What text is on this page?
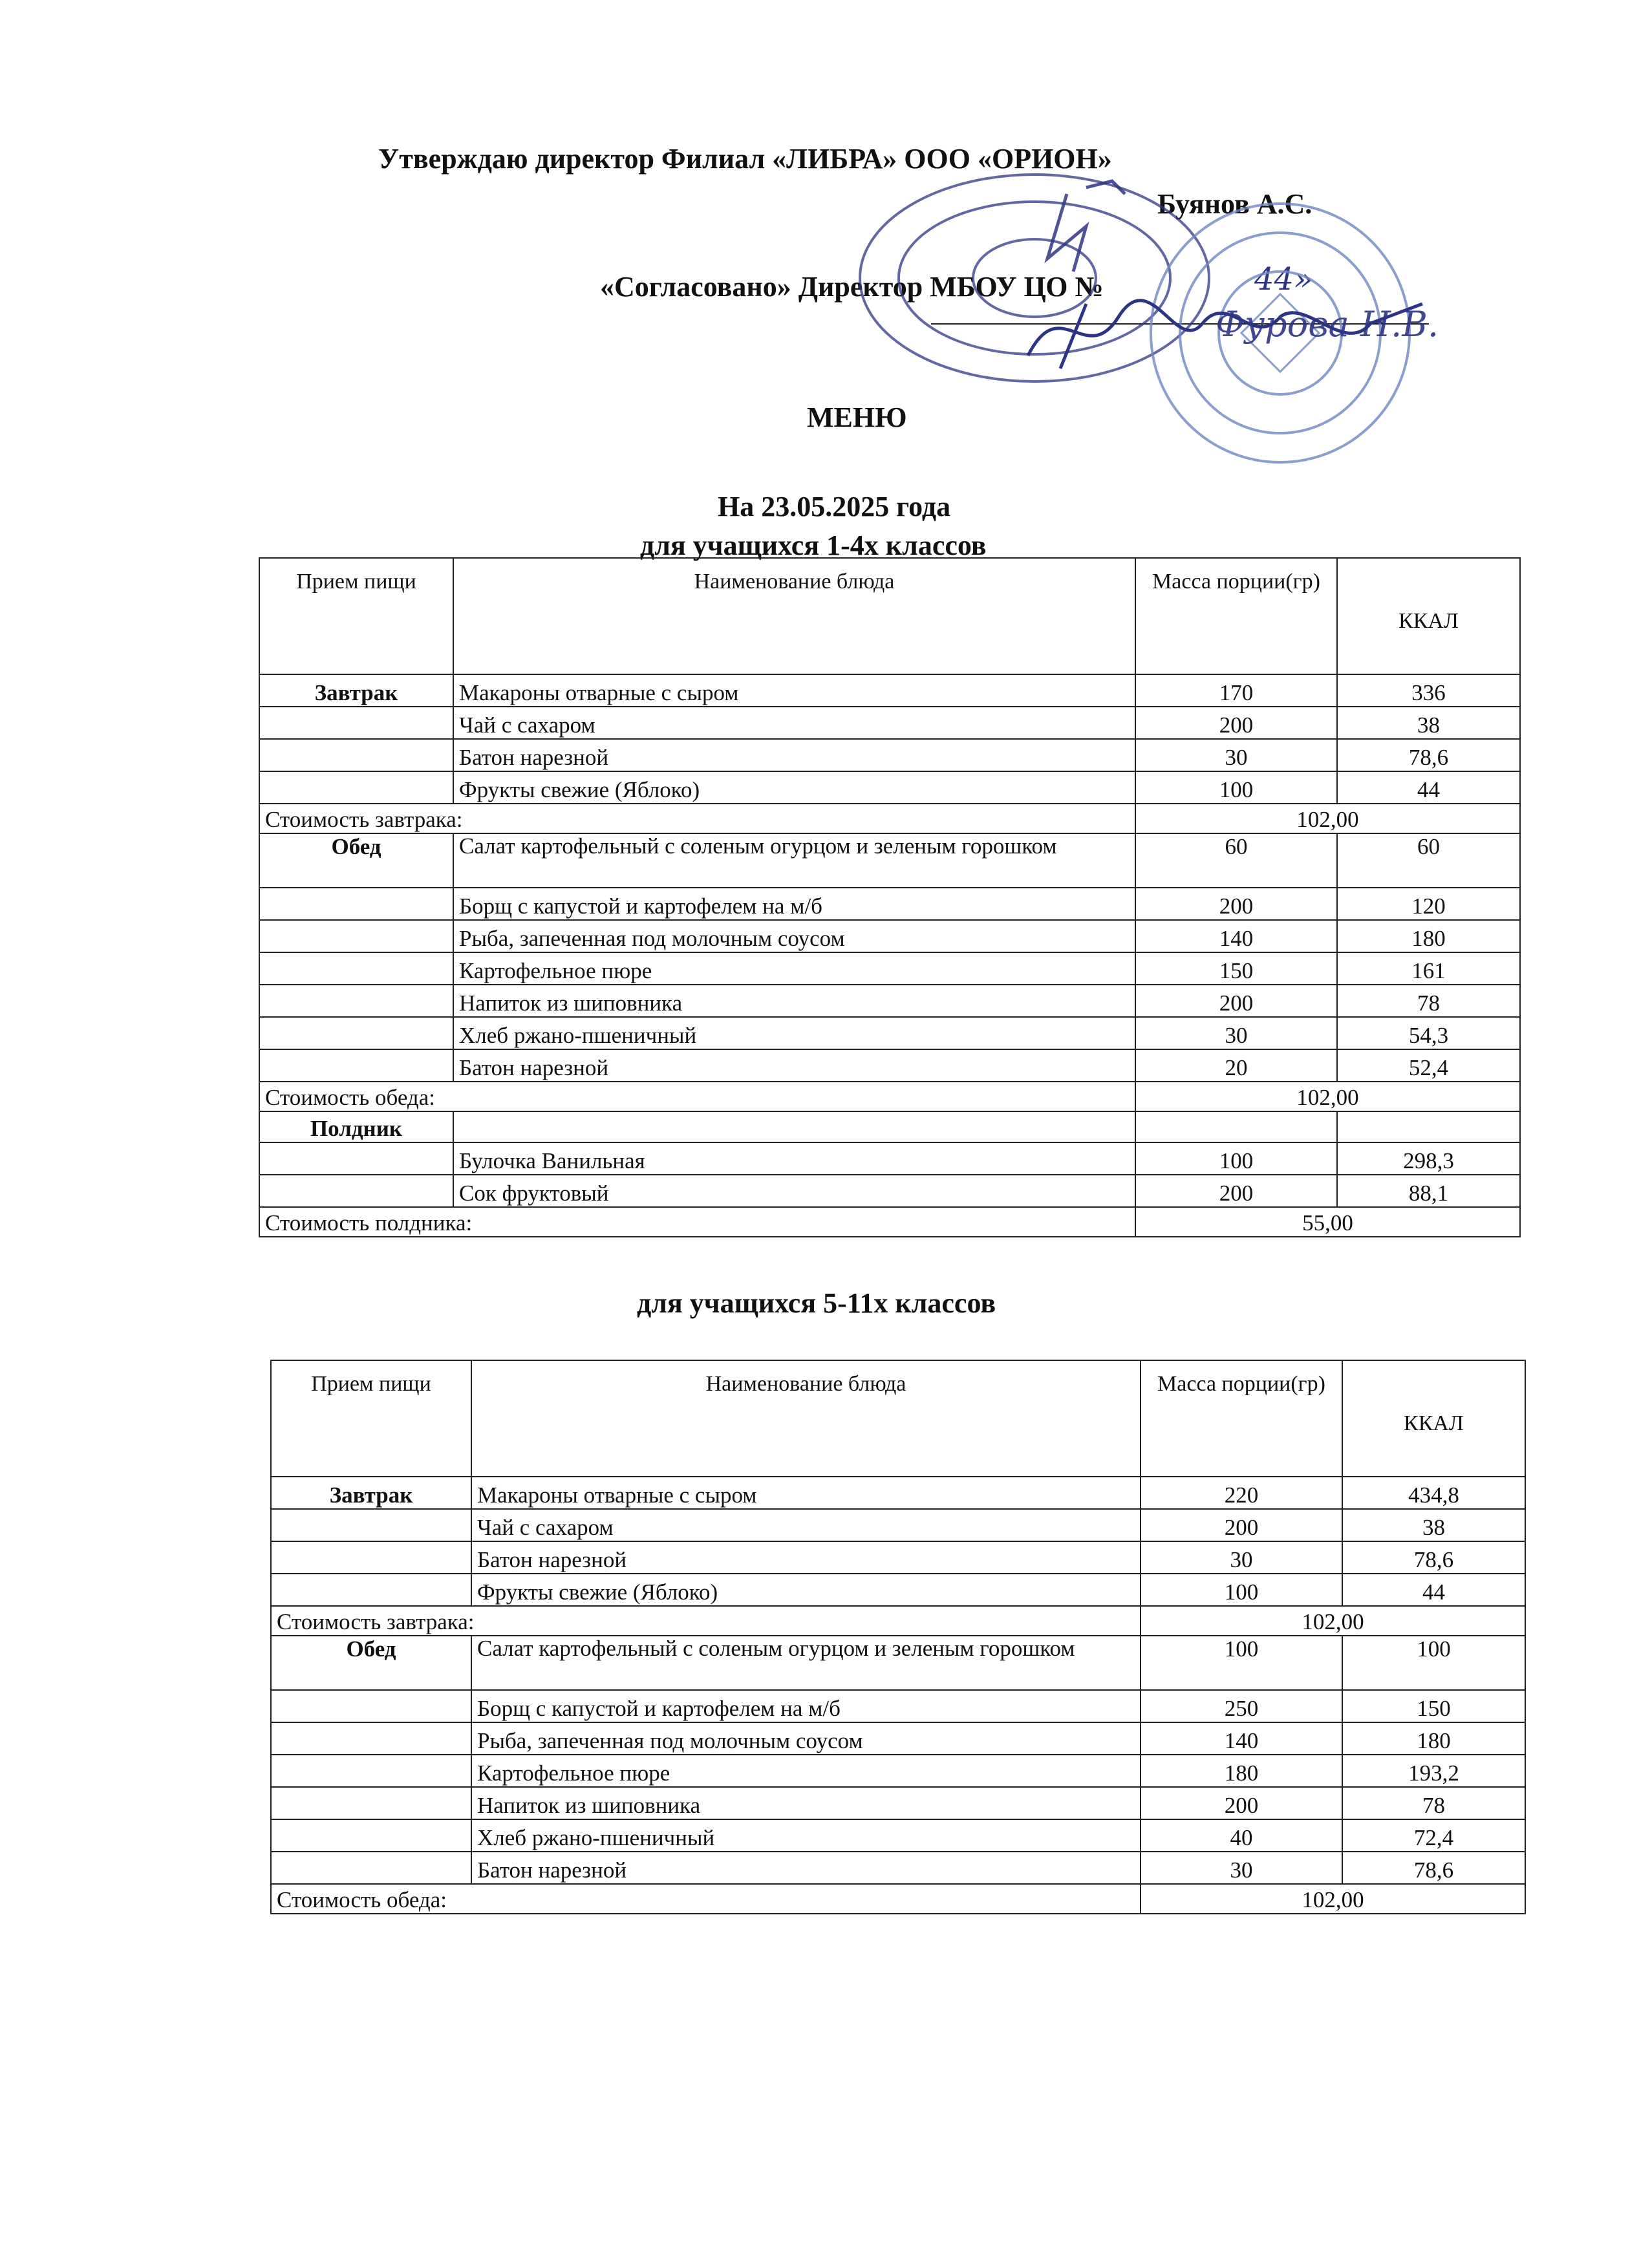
Утверждаю директор Филиал «ЛИБРА» ООО «ОРИОН»
Буянов А.С.
«Согласовано» Директор МБОУ ЦО №	44»
МЕНЮ
На 23.05.2025 года
для учащихся 1-4х классов
Фурова Н.В.
Прием пищи	Наименование блюда	Масса порции(гр)	ККАЛ
Завтрак	Макароны отварные с сыром	170	336
	Чай с сахаром	200	38
	Батон нарезной	30	78,6
	Фрукты свежие (Яблоко)	100	44
Стоимость завтрака:		102,00	
Обед	Салат картофельный с соленым огурцом и зеленым горошком	60	60
	Борщ с капустой и картофелем на м/б	200	120
	Рыба, запеченная под молочным соусом	140	180
	Картофельное пюре	150	161
	Напиток из шиповника	200	78
	Хлеб ржано-пшеничный	30	54,3
	Батон нарезной	20	52,4
Стоимость обеда:		102,00	
Полдник			
	Булочка Ванильная	100	298,3
	Сок фруктовый	200	88,1
Стоимость полдника:		55,00	
для учащихся 5-11х классов
Прием пищи	Наименование блюда	Масса порции(гр)	ККАЛ
Завтрак	Макароны отварные с сыром	220	434,8
	Чай с сахаром	200	38
	Батон нарезной	30	78,6
	Фрукты свежие (Яблоко)	100	44
Стоимость завтрака:		102,00	
Обед	Салат картофельный с соленым огурцом и зеленым горошком	100	100
	Борщ с капустой и картофелем на м/б	250	150
	Рыба, запеченная под молочным соусом	140	180
	Картофельное пюре	180	193,2
	Напиток из шиповника	200	78
	Хлеб ржано-пшеничный	40	72,4
	Батон нарезной	30	78,6
Стоимость обеда:		102,00	
